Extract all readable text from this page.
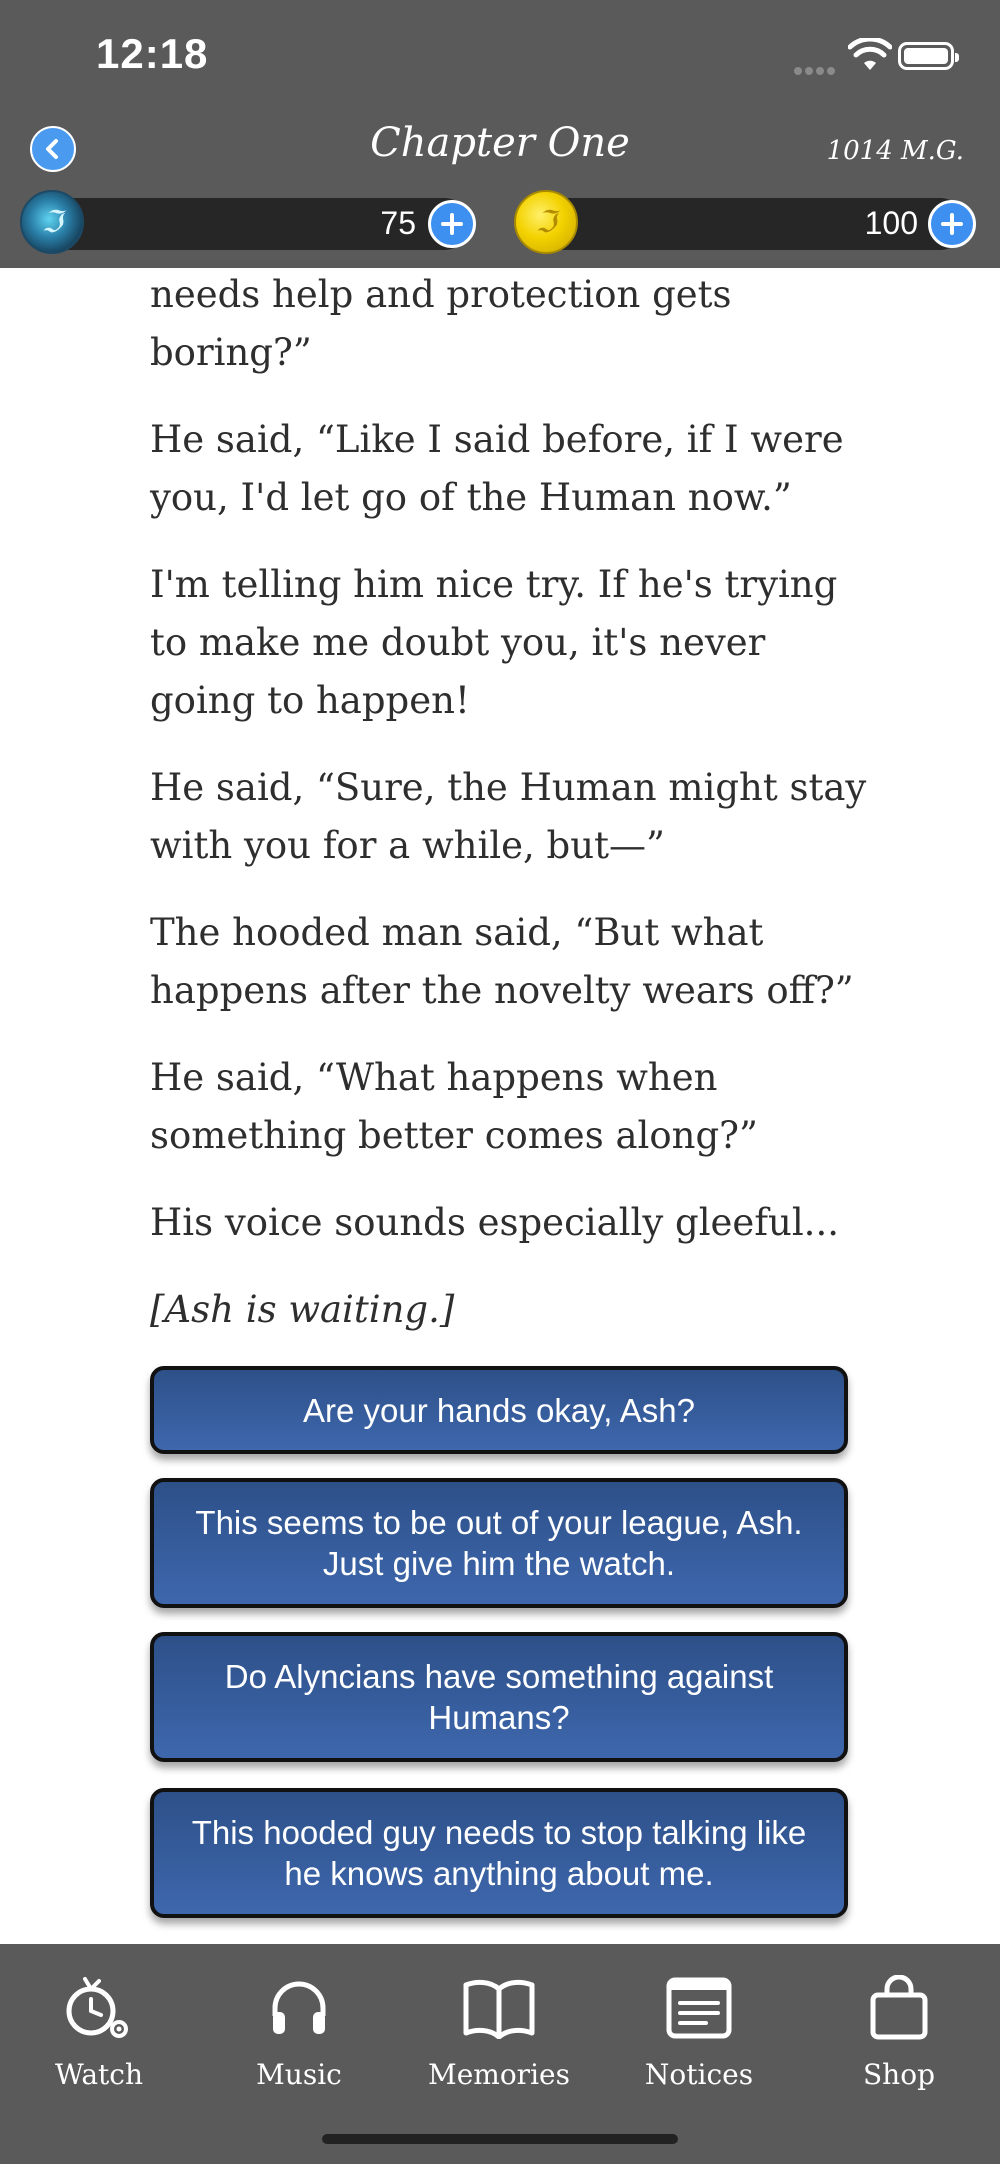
12:18
Chapter One	1014 M.G.
ℑ	75	ℑ	100

needs help and protection gets boring?”

He said, “Like I said before, if I were you, I'd let go of the Human now.”

I'm telling him nice try. If he's trying to make me doubt you, it's never going to happen!

He said, “Sure, the Human might stay with you for a while, but—”

The hooded man said, “But what happens after the novelty wears off?”

He said, “What happens when something better comes along?”

His voice sounds especially gleeful...

[Ash is waiting.]

Are your hands okay, Ash?
This seems to be out of your league, Ash. Just give him the watch.
Do Alyncians have something against Humans?
This hooded guy needs to stop talking like he knows anything about me.
Watch	Music	Memories	Notices	Shop
